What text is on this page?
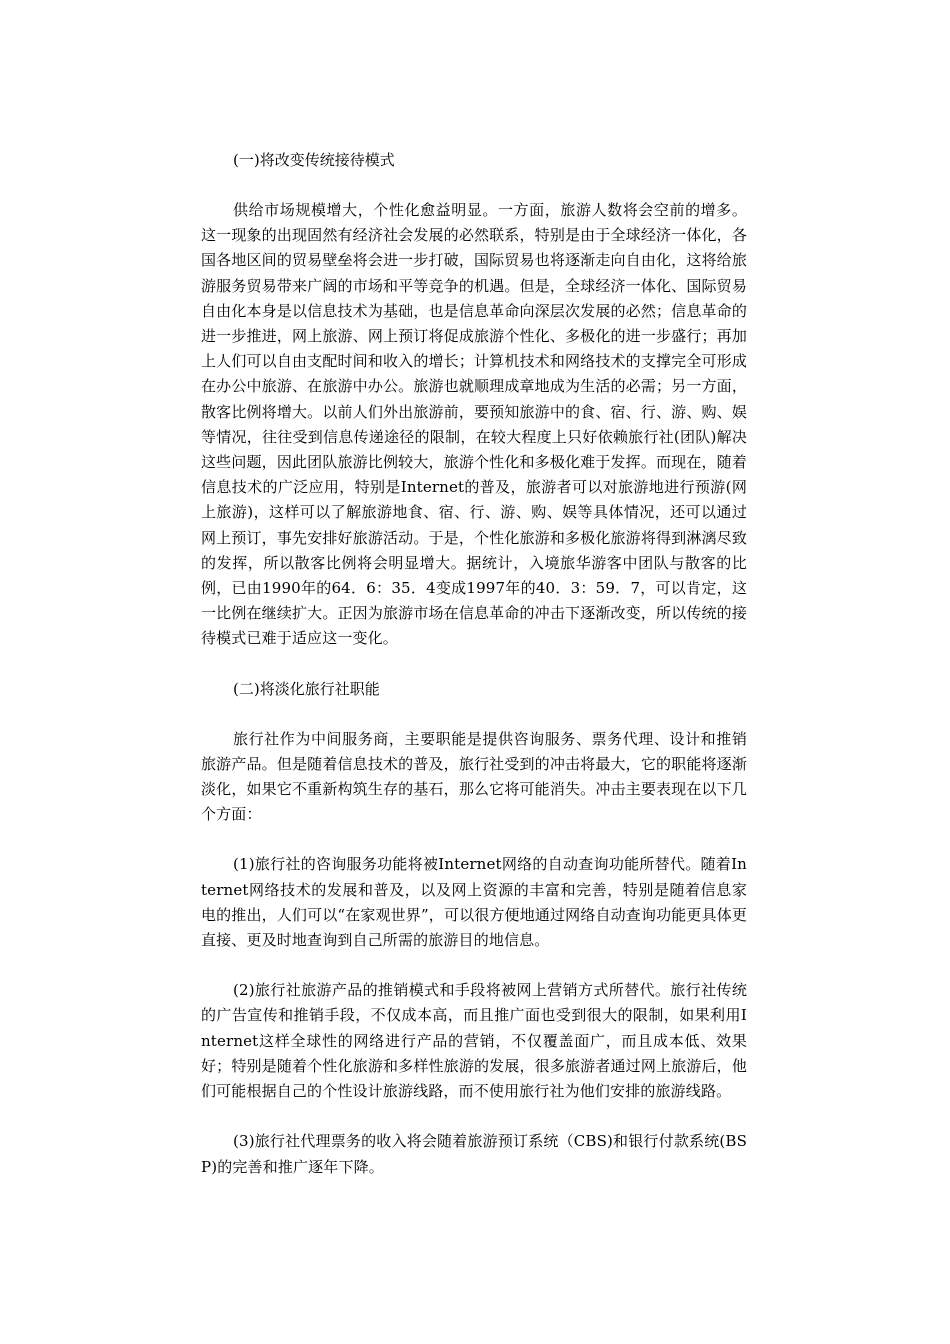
(一)将改变传统接待模式

供给市场规模增大，个性化愈益明显。一方面，旅游人数将会空前的增多。这一现象的出现固然有经济社会发展的必然联系，特别是由于全球经济一体化，各国各地区间的贸易壁垒将会进一步打破，国际贸易也将逐渐走向自由化，这将给旅游服务贸易带来广阔的市场和平等竞争的机遇。但是，全球经济一体化、国际贸易自由化本身是以信息技术为基础，也是信息革命向深层次发展的必然；信息革命的进一步推进，网上旅游、网上预订将促成旅游个性化、多极化的进一步盛行；再加上人们可以自由支配时间和收入的增长；计算机技术和网络技术的支撑完全可形成在办公中旅游、在旅游中办公。旅游也就顺理成章地成为生活的必需；另一方面，散客比例将增大。以前人们外出旅游前，要预知旅游中的食、宿、行、游、购、娱等情况，往往受到信息传递途径的限制，在较大程度上只好依赖旅行社(团队)解决这些问题，因此团队旅游比例较大，旅游个性化和多极化难于发挥。而现在，随着信息技术的广泛应用，特别是Internet的普及，旅游者可以对旅游地进行预游(网上旅游)，这样可以了解旅游地食、宿、行、游、购、娱等具体情况，还可以通过网上预订，事先安排好旅游活动。于是，个性化旅游和多极化旅游将得到淋漓尽致的发挥，所以散客比例将会明显增大。据统计，入境旅华游客中团队与散客的比例，已由1990年的64．6：35．4变成1997年的40．3：59．7，可以肯定，这一比例在继续扩大。正因为旅游市场在信息革命的冲击下逐渐改变，所以传统的接待模式已难于适应这一变化。

(二)将淡化旅行社职能

旅行社作为中间服务商，主要职能是提供咨询服务、票务代理、设计和推销旅游产品。但是随着信息技术的普及，旅行社受到的冲击将最大，它的职能将逐渐淡化，如果它不重新构筑生存的基石，那么它将可能消失。冲击主要表现在以下几个方面：

(1)旅行社的咨询服务功能将被Internet网络的自动查询功能所替代。随着Internet网络技术的发展和普及，以及网上资源的丰富和完善，特别是随着信息家电的推出，人们可以“在家观世界”，可以很方便地通过网络自动查询功能更具体更直接、更及时地查询到自己所需的旅游目的地信息。

(2)旅行社旅游产品的推销模式和手段将被网上营销方式所替代。旅行社传统的广告宣传和推销手段，不仅成本高，而且推广面也受到很大的限制，如果利用Internet这样全球性的网络进行产品的营销，不仅覆盖面广，而且成本低、效果好；特别是随着个性化旅游和多样性旅游的发展，很多旅游者通过网上旅游后，他们可能根据自己的个性设计旅游线路，而不使用旅行社为他们安排的旅游线路。

(3)旅行社代理票务的收入将会随着旅游预订系统（CBS)和银行付款系统(BSP)的完善和推广逐年下降。
